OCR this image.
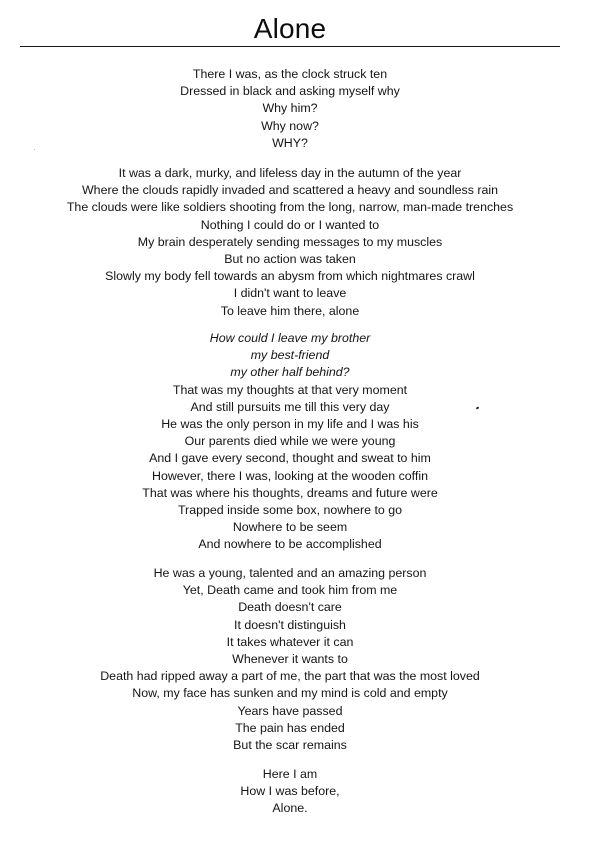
Alone
There I was, as the clock struck ten
Dressed in black and asking myself why
Why him?
Why now?
WHY?
It was a dark, murky, and lifeless day in the autumn of the year
Where the clouds rapidly invaded and scattered a heavy and soundless rain
The clouds were like soldiers shooting from the long, narrow, man-made trenches
Nothing I could do or I wanted to
My brain desperately sending messages to my muscles
But no action was taken
Slowly my body fell towards an abysm from which nightmares crawl
I didn't want to leave
To leave him there, alone
How could I leave my brother
my best-friend
my other half behind?
That was my thoughts at that very moment
And still pursuits me till this very day
He was the only person in my life and I was his
Our parents died while we were young
And I gave every second, thought and sweat to him
However, there I was, looking at the wooden coffin
That was where his thoughts, dreams and future were
Trapped inside some box, nowhere to go
Nowhere to be seem
And nowhere to be accomplished
He was a young, talented and an amazing person
Yet, Death came and took him from me
Death doesn't care
It doesn't distinguish
It takes whatever it can
Whenever it wants to
Death had ripped away a part of me, the part that was the most loved
Now, my face has sunken and my mind is cold and empty
Years have passed
The pain has ended
But the scar remains
Here I am
How I was before,
Alone.
